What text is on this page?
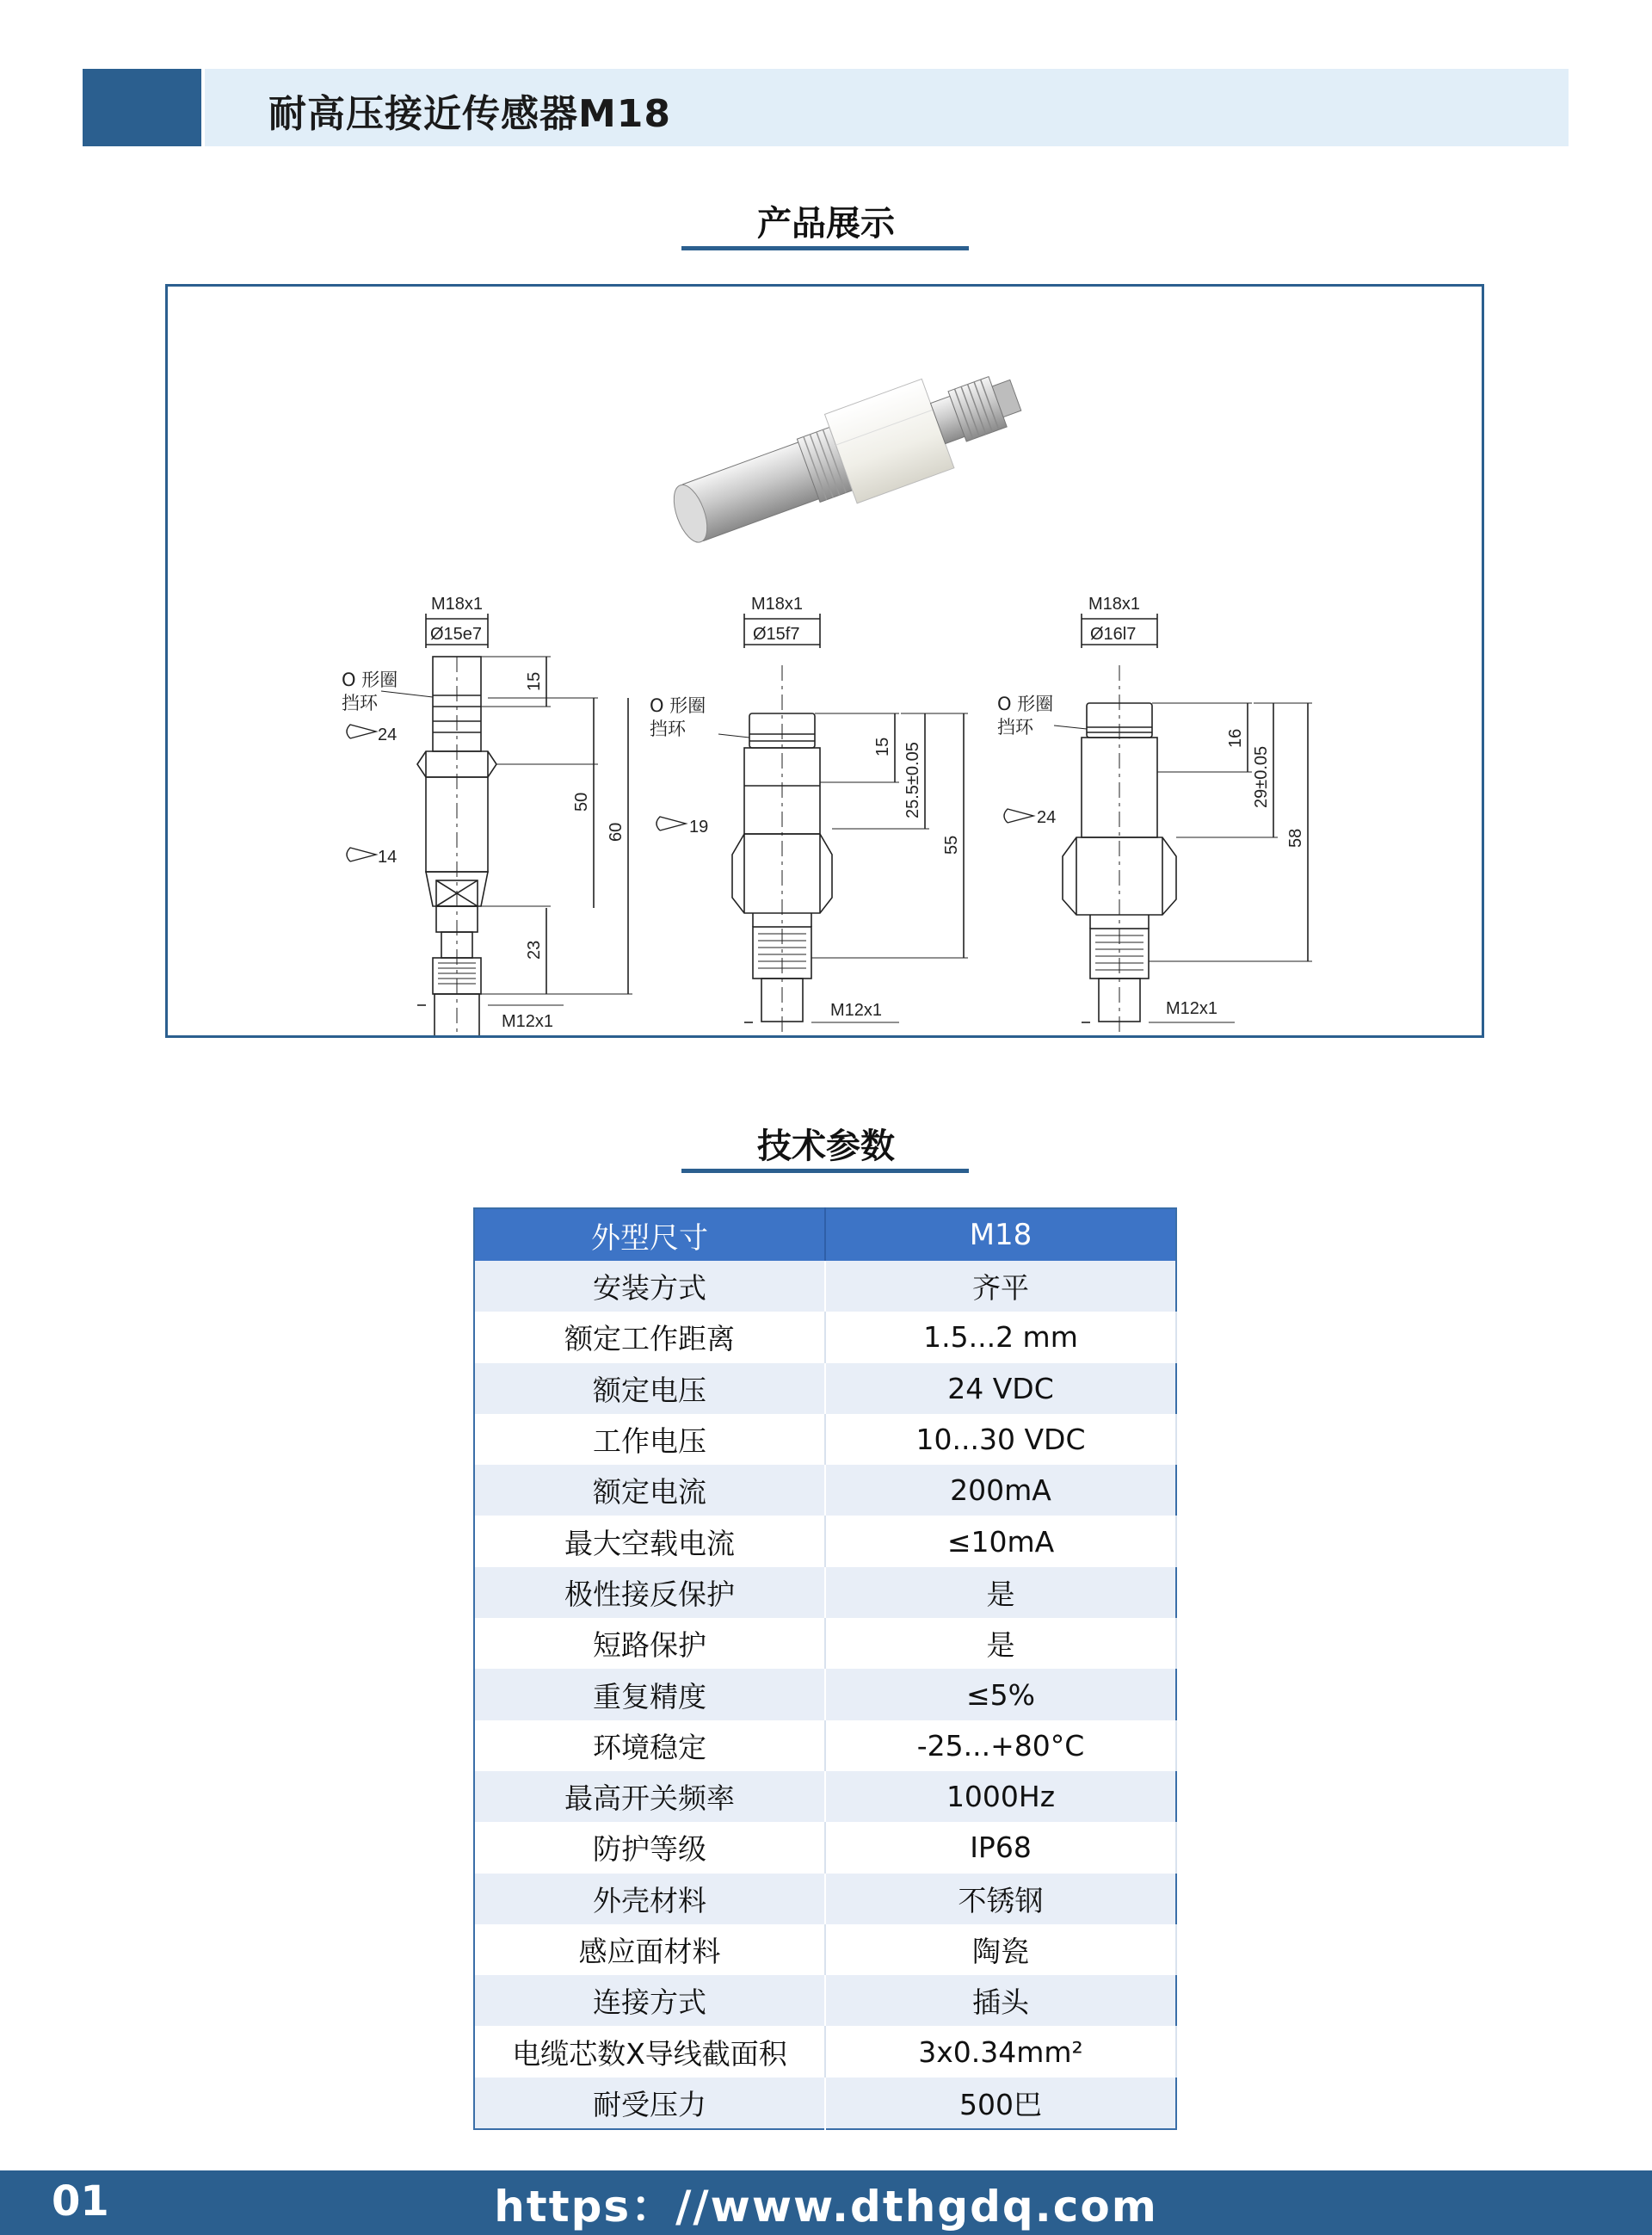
耐高压接近传感器M18
产品展示
M18x1
Ø15e7
O 形圈
挡环
24
14
15
50
60
23
M12x1
M18x1
Ø15f7
O 形圈
挡环
19
15 25.5±0.05
55
M12x1
M18x1
Ø16l7
O 形圈
挡环
24
16
29±0.05
58
M12x1
技术参数
外型尺寸	M18
安装方式	齐平
额定工作距离	1.5...2 mm
额定电压	24 VDC
工作电压	10...30 VDC
额定电流	200mA
最大空载电流	≤10mA
极性接反保护	是
短路保护	是
重复精度	≤5%
环境稳定	-25...+80°C
最高开关频率	1000Hz
防护等级	IP68
外壳材料	不锈钢
感应面材料	陶瓷
连接方式	插头
电缆芯数X导线截面积	3x0.34mm²
耐受压力	500巴
01	https：//www.dthgdq.com
